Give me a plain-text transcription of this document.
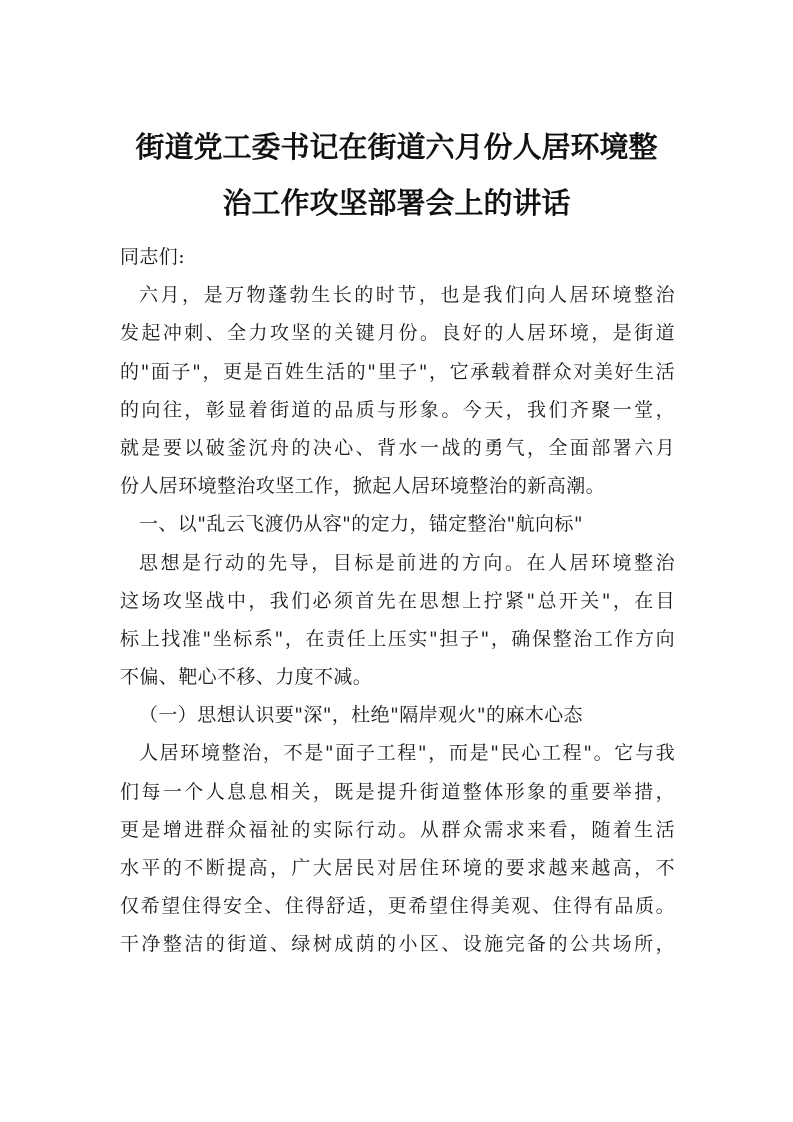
街道党工委书记在街道六月份人居环境整
治工作攻坚部署会上的讲话
同志们:
六月，是万物蓬勃生长的时节，也是我们向人居环境整治
发起冲刺、全力攻坚的关键月份。良好的人居环境，是街道
的"面子"，更是百姓生活的"里子"，它承载着群众对美好生活
的向往，彰显着街道的品质与形象。今天，我们齐聚一堂，
就是要以破釜沉舟的决心、背水一战的勇气，全面部署六月
份人居环境整治攻坚工作，掀起人居环境整治的新高潮。
一、以"乱云飞渡仍从容"的定力，锚定整治"航向标"
思想是行动的先导，目标是前进的方向。在人居环境整治
这场攻坚战中，我们必须首先在思想上拧紧"总开关"，在目
标上找准"坐标系"，在责任上压实"担子"，确保整治工作方向
不偏、靶心不移、力度不减。
（一）思想认识要"深"，杜绝"隔岸观火"的麻木心态
人居环境整治，不是"面子工程"，而是"民心工程"。它与我
们每一个人息息相关，既是提升街道整体形象的重要举措，
更是增进群众福祉的实际行动。从群众需求来看，随着生活
水平的不断提高，广大居民对居住环境的要求越来越高，不
仅希望住得安全、住得舒适，更希望住得美观、住得有品质。
干净整洁的街道、绿树成荫的小区、设施完备的公共场所，
